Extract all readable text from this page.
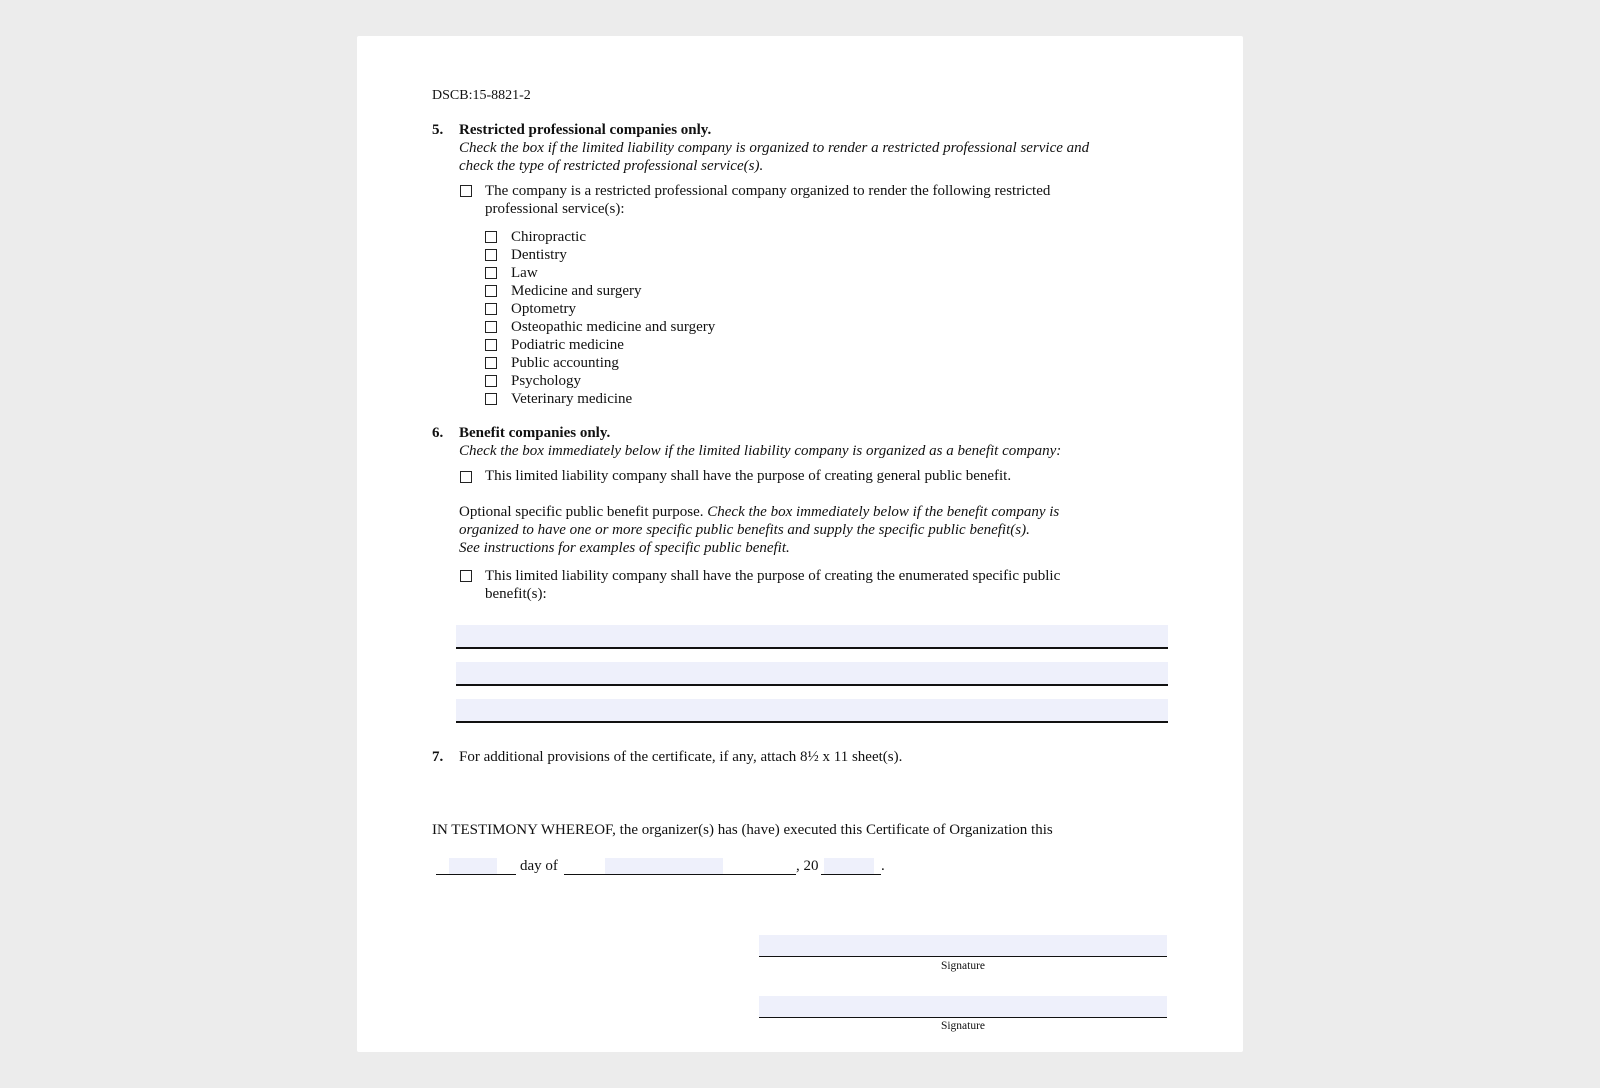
DSCB:15-8821-2
5. Restricted professional companies only.
Check the box if the limited liability company is organized to render a restricted professional service and
check the type of restricted professional service(s).
The company is a restricted professional company organized to render the following restricted
professional service(s):
Chiropractic
Dentistry
Law
Medicine and surgery
Optometry
Osteopathic medicine and surgery
Podiatric medicine
Public accounting
Psychology
Veterinary medicine
6. Benefit companies only.
Check the box immediately below if the limited liability company is organized as a benefit company:
This limited liability company shall have the purpose of creating general public benefit.
Optional specific public benefit purpose. Check the box immediately below if the benefit company is
organized to have one or more specific public benefits and supply the specific public benefit(s).
See instructions for examples of specific public benefit.
This limited liability company shall have the purpose of creating the enumerated specific public
benefit(s):
7. For additional provisions of the certificate, if any, attach 8½ x 11 sheet(s).
IN TESTIMONY WHEREOF, the organizer(s) has (have) executed this Certificate of Organization this
day of	, 20	.
Signature
Signature
